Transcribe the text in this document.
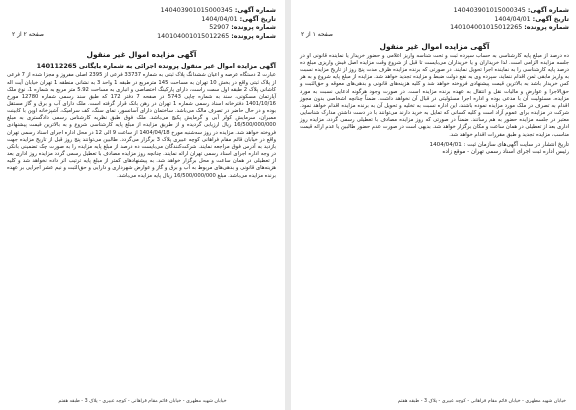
شماره آگهی: 140403901015000345
تاریخ آگهی: 1404/04/01
شماره پرونده: 52907
شماره پرونده: 140104001015012265
صفحه ۲ از ۲
آگهی مزایده اموال غیر منقول
آگهی مزایده اموال غیر منقول پرونده اجرائی به شماره بایگانی 140112265
عبارت 2 دستگاه عرصه و اعیان ششدانگ پلاک ثبتی به شماره 33737 فرعی از 2395 اصلی مفروز و مجزا شده از 7 فرعی از پلاک ثبتی واقع در بخش 10 تهران به مساحت 145 مترمربع در طبقه 1 واحد 3 به نشانی منطقه 1 تهران خیابان آیت اله کاشانی پلاک 2 طبقه اول سمت راست، دارای پارکینگ اختصاصی و انباری به مساحت 5.92 متر مربع به شماره 1، نوع ملک آپارتمان مسکونی، سند به شماره چاپی 5743 در صفحه 7 دفتر 172 که طبق سند رسمی شماره 12780 مورخ 1401/10/16 دفترخانه اسناد رسمی شماره 1 تهران در رهن بانک قرار گرفته است. ملک دارای آب و برق و گاز مستقل بوده و در حال حاضر در تصرف مالک می‌باشد. ساختمان دارای آسانسور، نمای سنگ، کف سرامیک، آشپزخانه اوپن با کابینت ممبران، سرمایش کولر آبی و گرمایش پکیج می‌باشد. ملک فوق طبق نظریه کارشناس رسمی دادگستری به مبلغ 16/500/000/000 ریال ارزیابی گردیده و از طریق مزایده از مبلغ پایه کارشناسی شروع و به بالاترین قیمت پیشنهادی فروخته خواهد شد. مزایده در روز سه‌شنبه مورخ 1404/04/18 از ساعت 9 الی 12 در محل اداره اجرای اسناد رسمی تهران واقع در خیابان قائم مقام فراهانی کوچه عبیری پلاک 3 برگزار می‌گردد. طالبین می‌توانند پنج روز قبل از تاریخ مزایده جهت بازدید به آدرس فوق مراجعه نمایند. شرکت‌کنندگان می‌بایست ده درصد از مبلغ پایه مزایده را به صورت چک تضمینی بانکی در وجه اداره اجرای اسناد رسمی تهران ارائه نمایند. چنانچه روز مزایده مصادف با تعطیل رسمی گردد مزایده روز اداری بعد از تعطیلی در همان ساعت و محل برگزار خواهد شد. به پیشنهادهای کمتر از مبلغ پایه ترتیب اثر داده نخواهد شد و کلیه هزینه‌های قانونی و بدهی‌های مربوط به آب و برق و گاز و عوارض شهرداری و دارایی و حق‌الثبت و نیم عشر اجرایی بر عهده برنده مزایده می‌باشد. مبلغ 16/500/000/000 ریال پایه مزایده می‌باشد.
خیابان شهید مطهری - خیابان قائم مقام فراهانی - کوچه عبیری - پلاک 3 - طبقه هفتم
شماره آگهی: 140403901015000345
تاریخ آگهی: 1404/04/01
شماره پرونده: 140104001015012265
صفحه ۱ از ۲
آگهی مزایده اموال غیر منقول
ده درصد از مبلغ پایه کارشناسی به حساب سپرده ثبت و تحت شناسه واریز اعلامی و حضور خریدار یا نماینده قانونی او در جلسه مزایده الزامی است. لذا خریداران و یا خریداران می‌بایست تا قبل از شروع وقت مزایده اصل فیش واریزی مبلغ ده درصد پایه کارشناسی را به نماینده اجرا تحویل نمایند. در صورتی که برنده مزایده ظرف مدت پنج روز از تاریخ مزایده نسبت به واریز مابقی ثمن اقدام ننماید، سپرده وی به نفع دولت ضبط و مزایده تجدید خواهد شد. مزایده از مبلغ پایه شروع و به هر کس خریدار باشد به بالاترین قیمت پیشنهادی فروخته خواهد شد و کلیه هزینه‌های قانونی و بدهی‌های معوقه و حق‌الثبت و حق‌الاجرا و عوارض و مالیات نقل و انتقال به عهده برنده مزایده است. در صورت وجود هرگونه ادعایی نسبت به مورد مزایده، مسئولیت آن با مدعی بوده و اداره اجرا مسئولیتی در قبال آن نخواهد داشت. ضمناً چنانچه اشخاصی بدون مجوز اقدام به تصرف در ملک مورد مزایده نموده باشند، این اداره نسبت به تخلیه و تحویل آن به برنده مزایده اقدام خواهد نمود. شرکت در مزایده برای عموم آزاد است و کلیه کسانی که تمایل به خرید دارند می‌توانند با در دست داشتن مدارک شناسایی معتبر در جلسه مزایده حضور به هم رسانند. ضمناً در صورتی که روز مزایده مصادف با تعطیلی رسمی گردد، مزایده روز اداری بعد از تعطیلی در همان ساعت و مکان برگزار خواهد شد. بدیهی است در صورت عدم حضور طالبین یا عدم ارائه قیمت مناسب، مزایده تجدید و طبق مقررات اقدام خواهد شد.
تاریخ انتشار در سایت آگهی‌های سازمان ثبت : 1404/04/01
رئیس اداره ثبت اجرای اسناد رسمی تهران - موقع زاده
خیابان شهید مطهری - خیابان قائم مقام فراهانی - کوچه عبیری - پلاک 3 - طبقه هفتم
